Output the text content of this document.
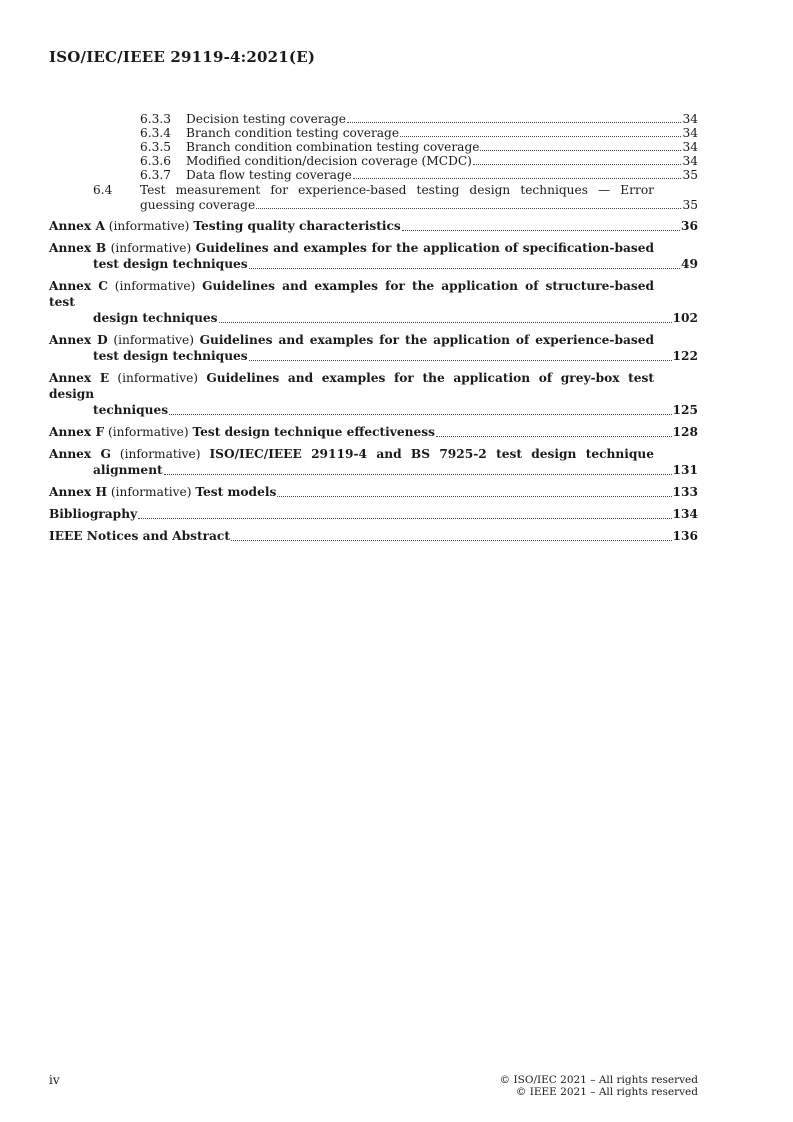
ISO/IEC/IEEE 29119-4:2021(E)
6.3.3	Decision testing coverage	34
6.3.4	Branch condition testing coverage	34
6.3.5	Branch condition combination testing coverage	34
6.3.6	Modified condition/decision coverage (MCDC)	34
6.3.7	Data flow testing coverage	35
6.4	Test measurement for experience-based testing design techniques — Error
guessing coverage	35
Annex A
(informative)
Testing quality characteristics	36
Annex B (informative) Guidelines and examples for the application of specification-based
test design techniques	49
Annex C (informative) Guidelines and examples for the application of structure-based test
design techniques	102
Annex D (informative) Guidelines and examples for the application of experience-based
test design techniques	122
Annex E (informative) Guidelines and examples for the application of grey-box test design
techniques	125
Annex F
(informative)
Test design technique effectiveness	128
Annex G (informative) ISO/IEC/IEEE 29119-4 and BS 7925-2 test design technique
alignment	131
Annex H
(informative)
Test models	133
Bibliography	134
IEEE Notices and Abstract	136
iv	© ISO/IEC 2021 – All rights reserved
© IEEE 2021 – All rights reserved
